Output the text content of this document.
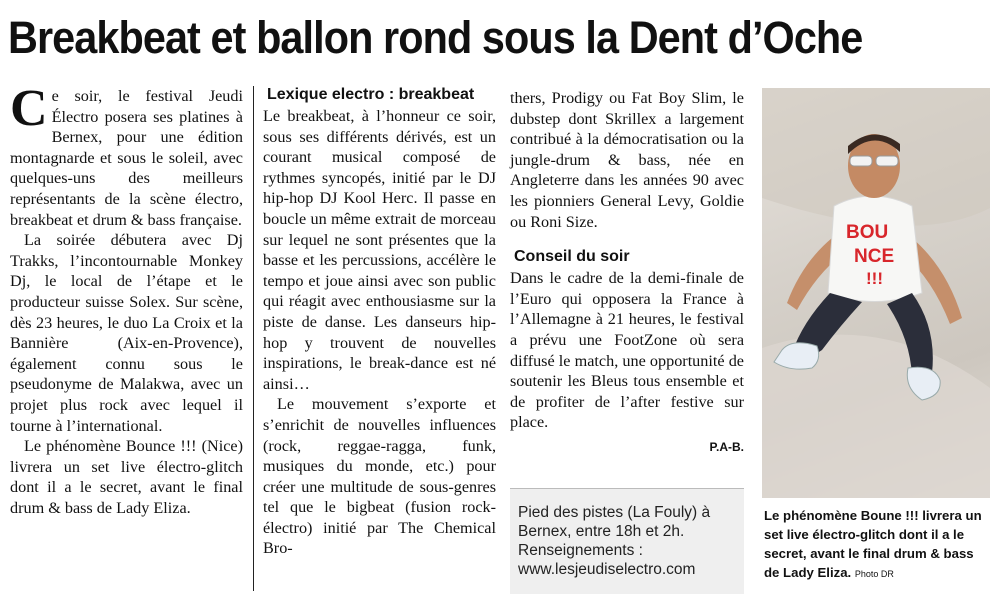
Breakbeat et ballon rond sous la Dent d’Oche

Ce soir, le festival Jeudi Électro posera ses platines à Bernex, pour une édition montagnarde et sous le soleil, avec quelques-uns des meilleurs représentants de la scène électro, breakbeat et drum & bass française.

La soirée débutera avec Dj Trakks, l’incontournable Monkey Dj, le local de l’étape et le producteur suisse Solex. Sur scène, dès 23 heures, le duo La Croix et la Bannière (Aix-en-Provence), également connu sous le pseudonyme de Malakwa, avec un projet plus rock avec lequel il tourne à l’international.

Le phénomène Bounce !!! (Nice) livrera un set live électro-glitch dont il a le secret, avant le final drum & bass de Lady Eliza.

Lexique electro : breakbeat

Le breakbeat, à l’honneur ce soir, sous ses différents dérivés, est un courant musical composé de rythmes syncopés, initié par le DJ hip-hop DJ Kool Herc. Il passe en boucle un même extrait de morceau sur lequel ne sont présentes que la basse et les percussions, accélère le tempo et joue ainsi avec son public qui réagit avec enthousiasme sur la piste de danse. Les danseurs hip-hop y trouvent de nouvelles inspirations, le break-dance est né ainsi…

Le mouvement s’exporte et s’enrichit de nouvelles influences (rock, reggae-ragga, funk, musiques du monde, etc.) pour créer une multitude de sous-genres tel que le bigbeat (fusion rock-électro) initié par The Chemical Bro-

thers, Prodigy ou Fat Boy Slim, le dubstep dont Skrillex a largement contribué à la démocratisation ou la jungle-drum & bass, née en Angleterre dans les années 90 avec les pionniers General Levy, Goldie ou Roni Size.

Conseil du soir

Dans le cadre de la demi-finale de l’Euro qui opposera la France à l’Allemagne à 21 heures, le festival a prévu une FootZone où sera diffusé le match, une opportunité de soutenir les Bleus tous ensemble et de profiter de l’after festive sur place.

P.A-B.
Pied des pistes (La Fouly) à
Bernex, entre 18h et 2h.
Renseignements :
www.lesjeudiselectro.com
BOU
NCE
!!!
Le phénomène Boune !!! livrera un set live électro-glitch dont il a le secret, avant le final drum & bass de Lady Eliza. Photo DR
